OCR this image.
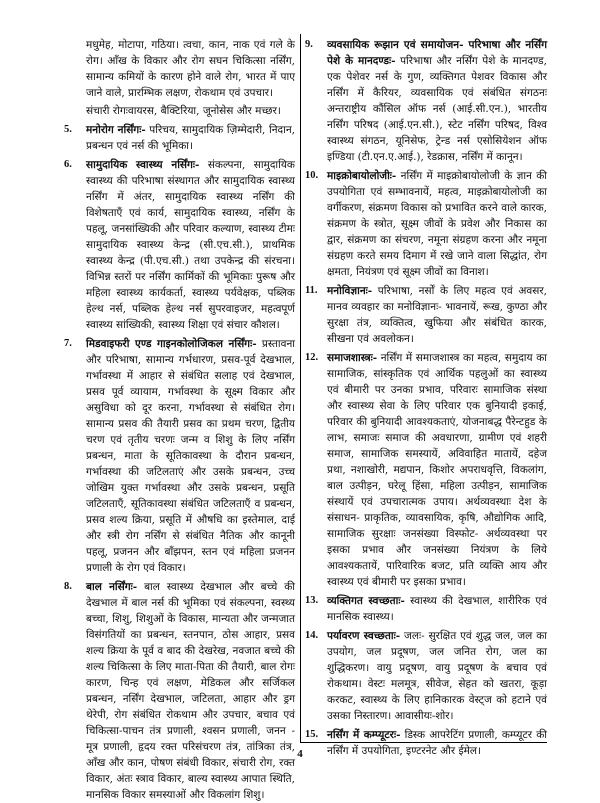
मधुमेह, मोटापा, गठिया। त्वचा, कान, नाक एवं गले के रोग। आँख के विकार और रोग सघन चिकित्सा नर्सिंग, सामान्य कमियों के कारण होने वाले रोग, भारत में पाए जाने वाले, प्रारम्भिक लक्षण, रोकथाम एवं उपचार।

संचारी रोगःवायरस, बैक्टिरिया, जूनोसेस और मच्छर।

5.	मनोरोग नर्सिंगः- परिचय, सामुदायिक ज़िम्मेदारी, निदान, प्रबन्धन एवं नर्स की भूमिका।
6.	सामुदायिक स्वास्थ्य नर्सिंगः- संकल्पना, सामुदायिक स्वास्थ्य की परिभाषा संस्थागत और सामुदायिक स्वास्थ्य नर्सिंग में अंतर, सामुदायिक स्वास्थ्य नर्सिंग की विशेषताएँ एवं कार्य, सामुदायिक स्वास्थ्य, नर्सिंग के पहलू, जनसांख्यिकी और परिवार कल्याण, स्वास्थ्य टीमः सामुदायिक स्वास्थ्य केन्द्र (सी.एच.सी.), प्राथमिक स्वास्थ्य केन्द्र (पी.एच.सी.) तथा उपकेन्द्र की संरचना। विभिन्न स्तरों पर नर्सिंग कार्मिकों की भूमिकाः पुरूष और महिला स्वास्थ्य कार्यकर्ता, स्वास्थ्य पर्यवेक्षक, पब्लिक हेल्थ नर्स, पब्लिक हेल्थ नर्स सुपरवाइजर, महत्वपूर्ण स्वास्थ्य सांख्यिकी, स्वास्थ्य शिक्षा एवं संचार कौशल।
7.	मिडवाइफरी एण्ड गाइनकोलोजिकल नर्सिंगः- प्रस्तावना और परिभाषा, सामान्य गर्भधारण, प्रसव-पूर्व देखभाल, गर्भावस्था में आहार से संबंधित सलाह एवं देखभाल, प्रसव पूर्व व्यायाम, गर्भावस्था के सूक्ष्म विकार और असुविधा को दूर करना, गर्भावस्था से संबंधित रोग। सामान्य प्रसव की तैयारी प्रसव का प्रथम चरण, द्वितीय चरण एवं तृतीय चरणः जन्म व शिशु के लिए नर्सिंग प्रबन्धन, माता के सूतिकावस्था के दौरान प्रबन्धन, गर्भावस्था की जटिलताएं और उसके प्रबन्धन, उच्च जोखिम युक्त गर्भावस्था और उसके प्रबन्धन, प्रसूति जटिलताएँ, सूतिकावस्था संबंधित जटिलताएँ व प्रबन्धन, प्रसव शल्य क्रिया, प्रसूति में औषधि का इस्तेमाल, दाई और स्त्री रोग नर्सिंग से संबंधित नैतिक और कानूनी पहलू, प्रजनन और बाँझपन, स्तन एवं महिला प्रजनन प्रणाली के रोग एवं विकार।
8.	बाल नर्सिंगः- बाल स्वास्थ्य देखभाल और बच्चे की देखभाल में बाल नर्स की भूमिका एवं संकल्पना, स्वस्थ्य बच्चा, शिशु, शिशुओं के विकास, मान्यता और जन्मजात विसंगतियों का प्रबन्धन, स्तनपान, ठोस आहार, प्रसव शल्य क्रिया के पूर्व व बाद की देखरेख, नवजात बच्चे की शल्य चिकित्सा के लिए माता-पिता की तैयारी, बाल रोगः कारण, चिन्ह एवं लक्षण, मेडिकल और सर्जिकल प्रबन्धन, नर्सिंग देखभाल, जटिलता, आहार और ड्रग थेरेपी, रोग संबंधित रोकथाम और उपचार, बचाव एवं चिकित्सा-पाचन तंत्र प्रणाली, श्वसन प्रणाली, जनन - मूत्र प्रणाली, हृदय रक्त परिसंचरण तंत्र, तांत्रिका तंत्र, आँख और कान, पोषण संबंधी विकार, संचारी रोग, रक्त विकार, अंतः स्त्राव विकार, बाल्य स्वास्थ्य आपात स्थिति, मानसिक विकार समस्याओं और विकलांग शिशु।
9.	व्यवसायिक रूझान एवं समायोजन- परिभाषा और नर्सिंग पेशे के मानदण्डः- परिभाषा और नर्सिंग पेशे के मानदण्ड, एक पेशेवर नर्स के गुण, व्यक्तिगत पेशवर विकास और नर्सिंग में कैरियर, व्यवसायिक एवं संबंधित संगठनः अन्तराष्ट्रीय कौंसिल ऑफ नर्स (आई.सी.एन.), भारतीय नर्सिंग परिषद (आई.एन.सी.), स्टेट नर्सिंग परिषद, विश्व स्वास्थ्य संगठन, यूनिसेफ, ट्रेन्ड नर्स एसोसियेशन ऑफ इण्डिया (टी.एन.ए.आई.), रेडक्रास, नर्सिंग में कानून।
10. माइक्रोबायोलोजीः- नर्सिंग में माइक्रोबायोलोजी के ज्ञान की उपयोगिता एवं सम्भावनायें, महत्व, माइक्रोबायोलोजी का वर्गीकरण, संक्रमण विकास को प्रभावित करने वाले कारक, संक्रमण के स्त्रोत, सूक्ष्म जीवों के प्रवेश और निकास का द्वार, संक्रमण का संचरण, नमूना संग्रहण करना और नमूना संग्रहण करते समय दिमाग में रखे जाने वाला सिद्धांत, रोग क्षमता, नियंत्रण एवं सूक्ष्म जीवों का विनाश।
11. मनोविज्ञानः- परिभाषा, नर्सों के लिए महत्व एवं अवसर, मानव व्यवहार का मनोविज्ञानः- भावनायें, रूख, कुण्ठा और सुरक्षा तंत्र, व्यक्तित्व, खुफिया और संबंधित कारक, सीखना एवं अवलोकन।
12. समाजशास्त्रः- नर्सिंग में समाजशास्त्र का महत्व, समुदाय का सामाजिक, सांस्कृतिक एवं आर्थिक पहलुओं का स्वास्थ्य एवं बीमारी पर उनका प्रभाव, परिवारः सामाजिक संस्था और स्वास्थ्य सेवा के लिए परिवार एक बुनियादी इकाई, परिवार की बुनियादी आवश्यकताएं, योजनाबद्ध पैरेन्टहुड के लाभ, समाजः समाज की अवधारणा, ग्रामीण एवं शहरी समाज, सामाजिक समस्यायें, अविवाहित मातायें, दहेज प्रथा, नशाखोरी, मद्यपान, किशोर अपराधवृत्ति, विकलांग, बाल उत्पीड़न, घरेलू हिंसा, महिला उत्पीड़न, सामाजिक संस्थायें एवं उपचारात्मक उपाय। अर्थव्यवस्थाः देश के संसाधन- प्राकृतिक, व्यावसायिक, कृषि, औद्योगिक आदि, सामाजिक सुरक्षाः जनसंख्या विस्फोट- अर्थव्यवस्था पर इसका प्रभाव और जनसंख्या नियंत्रण के लिये आवश्यकतायें, पारिवारिक बजट, प्रति व्यक्ति आय और स्वास्थ्य एवं बीमारी पर इसका प्रभाव।
13. व्यक्तिगत स्वच्छताः- स्वास्थ्य की देखभाल, शारीरिक एवं मानसिक स्वास्थ्य।
14. पर्यावरण स्वच्छताः- जलः- सुरक्षित एवं शुद्ध जल, जल का उपयोग, जल प्रदूषण, जल जनित रोग, जल का शुद्धिकरण। वायु प्रदूषण, वायु प्रदूषण के बचाव एवं रोकथाम। वेस्टः मलमूत्र, सीवेज, सेहत को खतरा, कूड़ा करकट, स्वास्थ्य के लिए हानिकारक वेस्ट्ज को हटाने एवं उसका निस्तारण। आवासीयः-शोर।
15. नर्सिंग में कम्प्यूटरः- डिस्क आपरेटिंग प्रणाली, कम्प्यूटर की नर्सिंग में उपयोगिता, इण्टरनेट और ईमेल।
4
